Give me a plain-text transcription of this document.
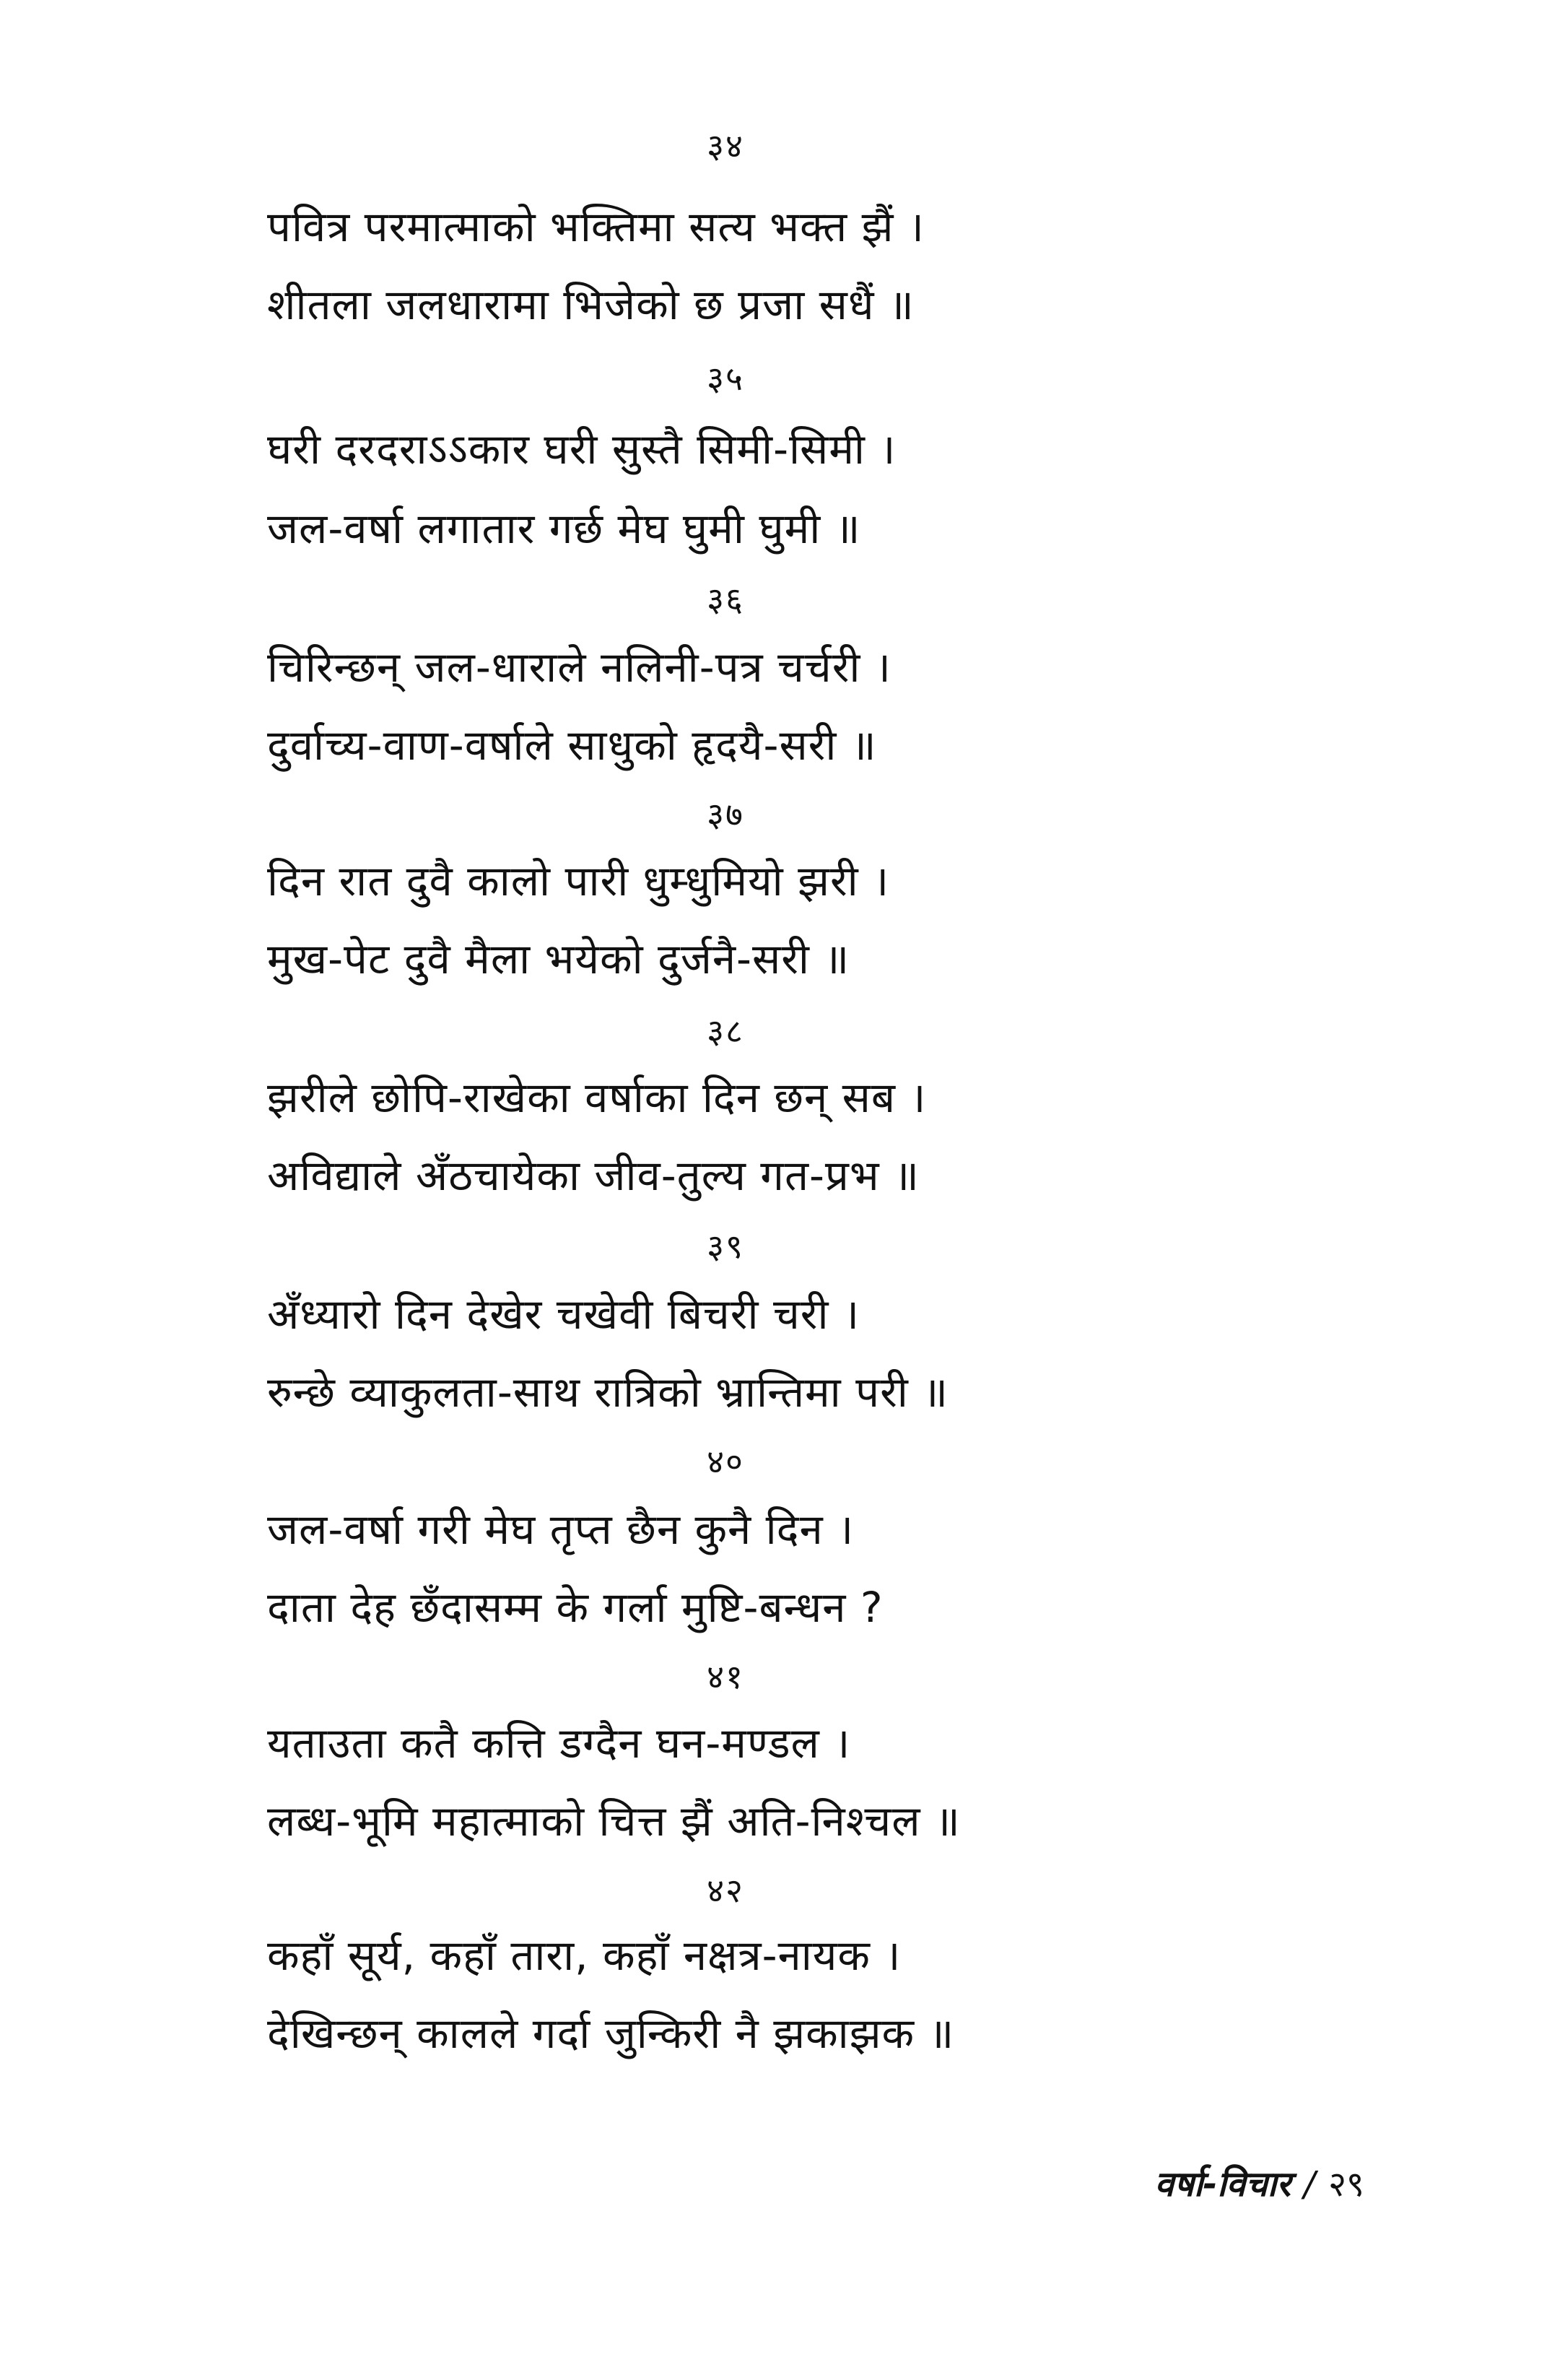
३४
पवित्र परमात्माको भक्तिमा सत्य भक्त झैं ।
शीतला जलधारामा भिजेको छ प्रजा सधैं ॥
३५
घरी दरदराऽऽकार घरी सुस्तै सिमी-सिमी ।
जल-वर्षा लगातार गर्छ मेघ घुमी घुमी ॥
३६
चिरिन्छन् जल-धाराले नलिनी-पत्र चर्चरी ।
दुर्वाच्य-वाण-वर्षाले साधुको हृदयै-सरी ॥
३७
दिन रात दुवै कालो पारी धुम्धुमियो झरी ।
मुख-पेट दुवै मैला भयेको दुर्जनै-सरी ॥
३८
झरीले छोपि-राखेका वर्षाका दिन छन् सब ।
अविद्याले अँठचायेका जीव-तुल्य गत-प्रभ ॥
३९
अँध्यारो दिन देखेर चखेवी बिचरी चरी ।
रुन्छे व्याकुलता-साथ रात्रिको भ्रान्तिमा परी ॥
४०
जल-वर्षा गरी मेघ तृप्त छैन कुनै दिन ।
दाता देह छँदासम्म के गर्ला मुष्टि-बन्धन ?
४१
यताउता कतै कत्ति डग्दैन घन-मण्डल ।
लब्ध-भूमि महात्माको चित्त झैं अति-निश्चल ॥
४२
कहाँ सूर्य, कहाँ तारा, कहाँ नक्षत्र-नायक ।
देखिन्छन् कालले गर्दा जुन्किरी नै झकाझक ॥
वर्षा-विचार / २९
